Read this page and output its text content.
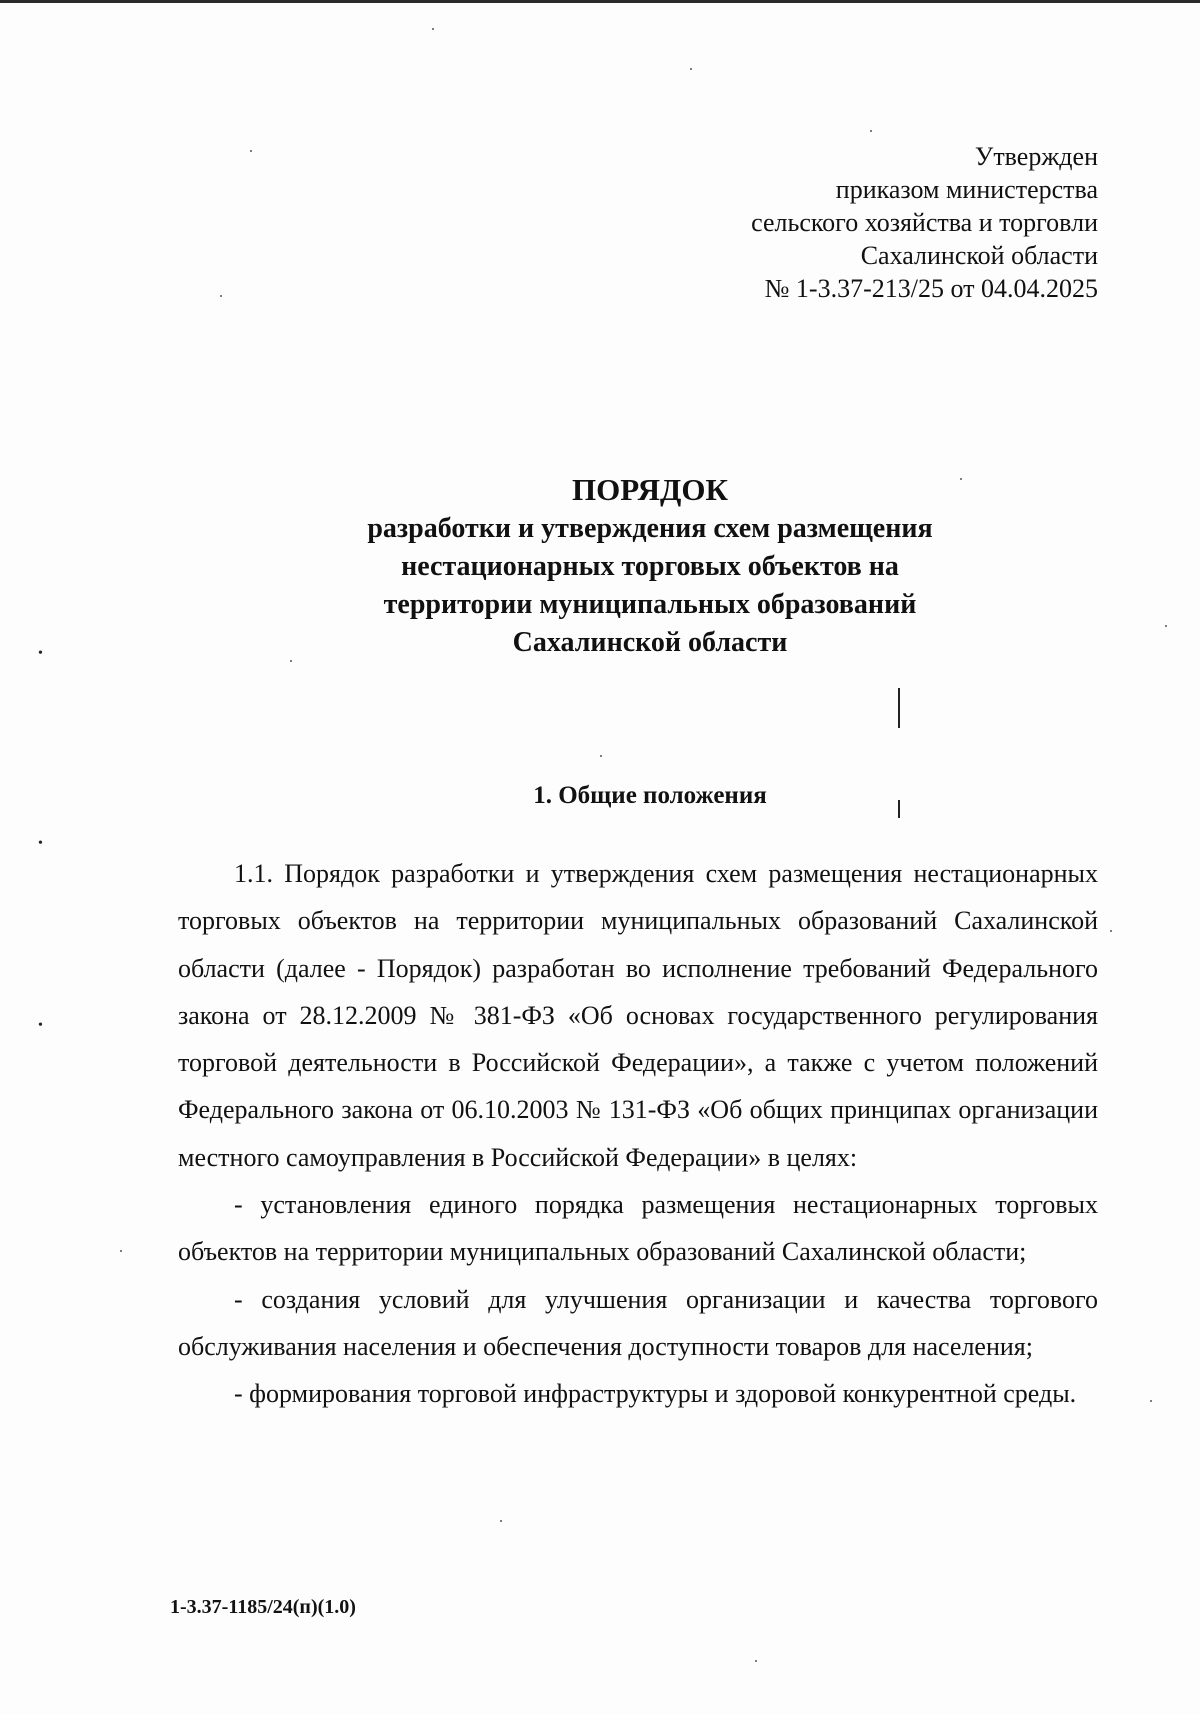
•
•
•
Утвержден
приказом министерства
сельского хозяйства и торговли
Сахалинской области
№ 1-3.37-213/25 от 04.04.2025
ПОРЯДОК
разработки и утверждения схем размещения
нестационарных торговых объектов на
территории муниципальных образований
Сахалинской области
1. Общие положения

1.1. Порядок разработки и утверждения схем размещения нестационарных торговых объектов на территории муниципальных образований Сахалинской области (далее - Порядок) разработан во исполнение требований Федерального закона от 28.12.2009 № 381-ФЗ «Об основах государственного регулирования торговой деятельности в Российской Федерации», а также с учетом положений Федерального закона от 06.10.2003 № 131-ФЗ «Об общих принципах организации местного самоуправления в Российской Федерации» в целях:

- установления единого порядка размещения нестационарных торговых объектов на территории муниципальных образований Сахалинской области;

- создания условий для улучшения организации и качества торгового обслуживания населения и обеспечения доступности товаров для населения;

- формирования торговой инфраструктуры и здоровой конкурентной среды.

1-3.37-1185/24(п)(1.0)
